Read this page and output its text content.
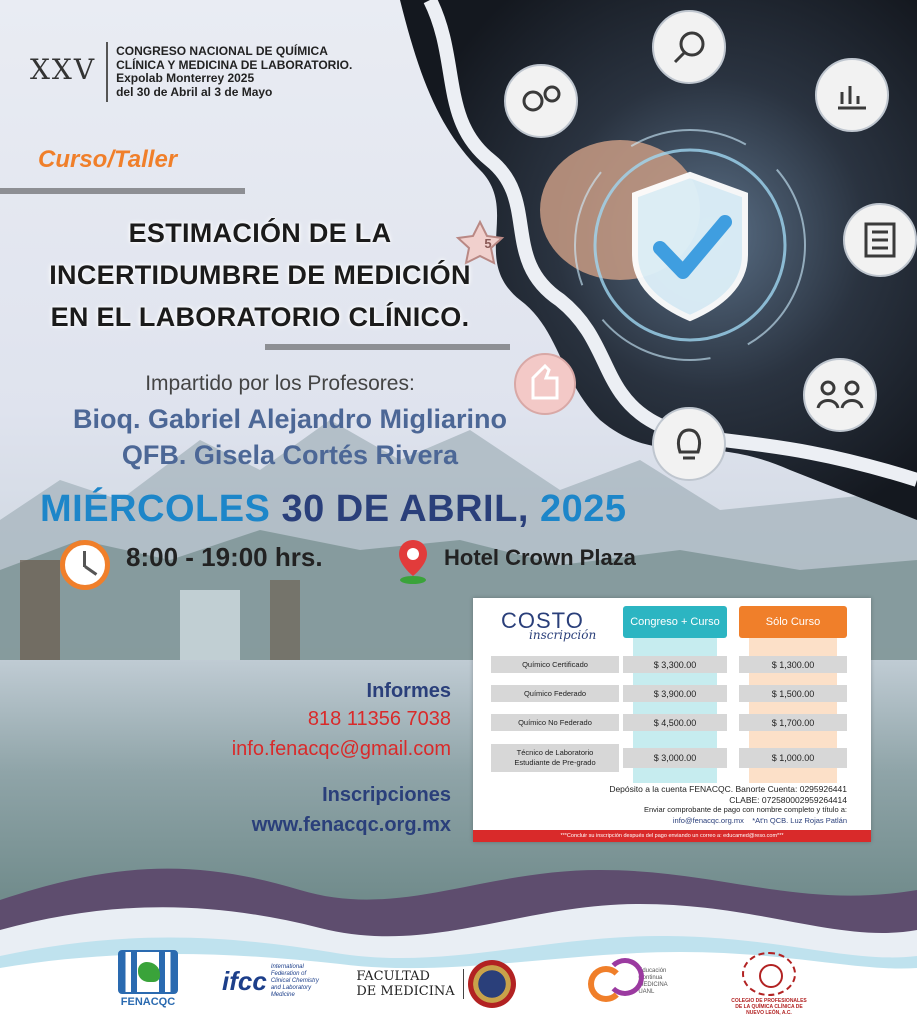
XXV
CONGRESO NACIONAL DE QUÍMICA
CLÍNICA Y MEDICINA DE LABORATORIO.
Expolab Monterrey 2025
del 30 de Abril al 3 de Mayo
Curso/Taller
ESTIMACIÓN DE LA
INCERTIDUMBRE DE MEDICIÓN
EN EL LABORATORIO CLÍNICO.
5
Impartido por los Profesores:
Bioq. Gabriel Alejandro Migliarino
QFB. Gisela Cortés Rivera
MIÉRCOLES 30 DE ABRIL, 2025
8:00 - 19:00 hrs.	Hotel Crown Plaza
COSTO
inscripción
Congreso + Curso	Sólo Curso
Químico Certificado	$ 3,300.00	$ 1,300.00
Químico Federado	$ 3,900.00	$ 1,500.00
Químico No Federado	$ 4,500.00	$ 1,700.00
Técnico de Laboratorio Estudiante de Pre-grado	$ 3,000.00	$ 1,000.00
Depósito a la cuenta FENACQC. Banorte Cuenta: 0295926441
CLABE: 072580002959264414
Enviar comprobante de pago con nombre completo y título a:
info@fenacqc.org.mx *At'n QCB. Luz Rojas Patlán
***Concluir su inscripción después del pago enviando un correo a: educamed@reso.com***
Informes
818 11356 7038
info.fenacqc@gmail.com
Inscripciones
www.fenacqc.org.mx
FENACQC
ifcc International Federation of Clinical Chemistry and Laboratory Medicine
FACULTAD
DE MEDICINA
Educación Continua MEDICINA UANL
COLEGIO DE PROFESIONALES DE LA QUÍMICA CLÍNICA DE NUEVO LEÓN, A.C.
